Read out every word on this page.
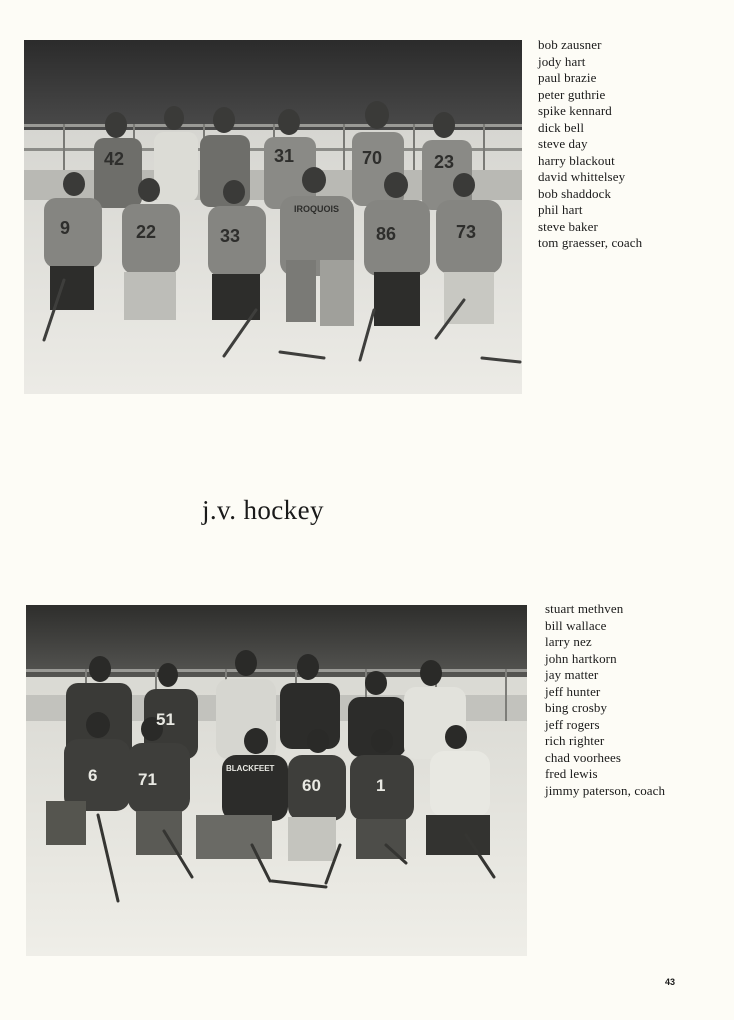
42	31	70	23
9	22	33	86	73
IROQUOIS
bob zausner
jody hart
paul brazie
peter guthrie
spike kennard
dick bell
steve day
harry blackout
david whittelsey
bob shaddock
phil hart
steve baker
tom graesser, coach
j.v. hockey
51
6 71	60	1
BLACKFEET
stuart methven
bill wallace
larry nez
john hartkorn
jay matter
jeff hunter
bing crosby
jeff rogers
rich righter
chad voorhees
fred lewis
jimmy paterson, coach
43
